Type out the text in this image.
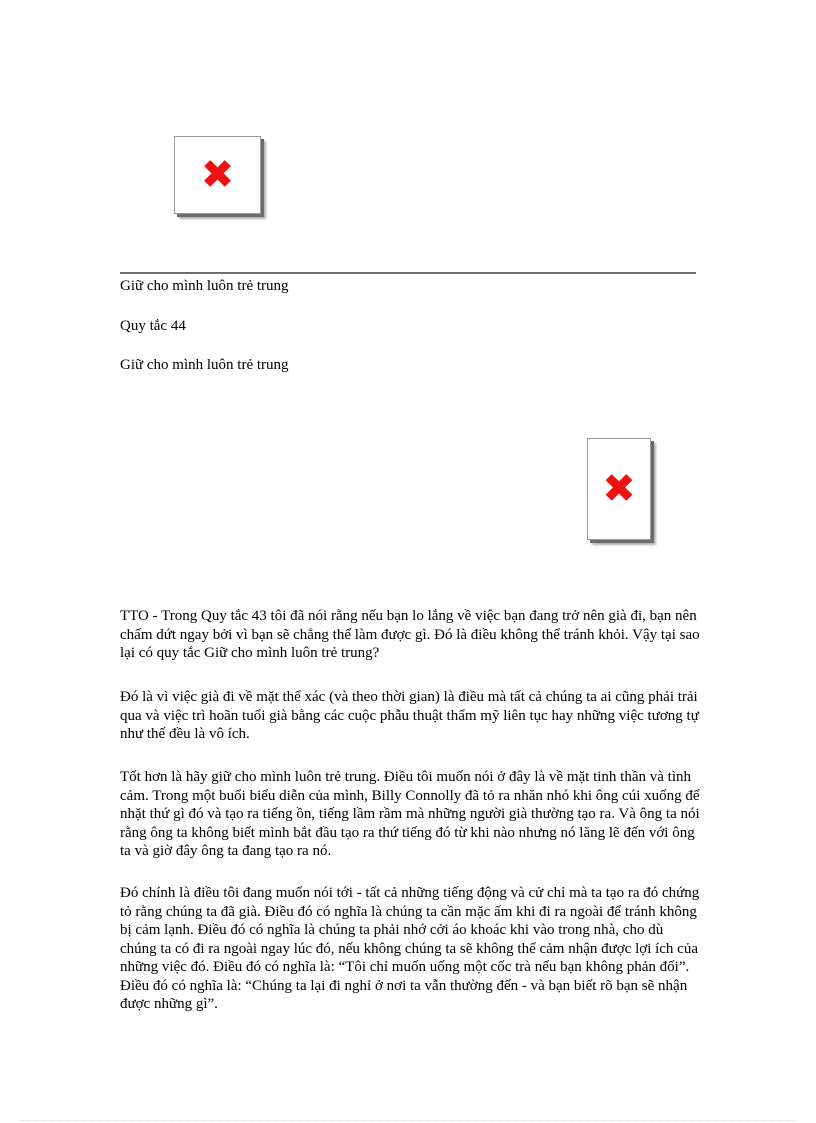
✖

Giữ cho mình luôn trẻ trung

Quy tắc 44

Giữ cho mình luôn trẻ trung

✖

TTO - Trong Quy tắc 43 tôi đã nói rằng nếu bạn lo lắng về việc bạn đang trở nên già đi, bạn nên chấm dứt ngay bởi vì bạn sẽ chẳng thể làm được gì. Đó là điều không thể tránh khỏi. Vậy tại sao lại có quy tắc Giữ cho mình luôn trẻ trung?

Đó là vì việc già đi về mặt thể xác (và theo thời gian) là điều mà tất cả chúng ta ai cũng phải trải qua và việc trì hoãn tuổi già bằng các cuộc phẫu thuật thẩm mỹ liên tục hay những việc tương tự như thế đều là vô ích.

Tốt hơn là hãy giữ cho mình luôn trẻ trung. Điều tôi muốn nói ở đây là về mặt tinh thần và tình cảm. Trong một buổi biểu diễn của mình, Billy Connolly đã tỏ ra nhăn nhó khi ông cúi xuống để nhặt thứ gì đó và tạo ra tiếng ồn, tiếng lầm rầm mà những người già thường tạo ra. Và ông ta nói rằng ông ta không biết mình bắt đầu tạo ra thứ tiếng đó từ khi nào nhưng nó lăng lẽ đến với ông ta và giờ đây ông ta đang tạo ra nó.

Đó chính là điều tôi đang muốn nói tới - tất cả những tiếng động và cử chỉ mà ta tạo ra đó chứng tỏ rằng chúng ta đã già. Điều đó có nghĩa là chúng ta cần mặc ấm khi đi ra ngoài để tránh không bị cảm lạnh. Điều đó có nghĩa là chúng ta phải nhớ cởi áo khoác khi vào trong nhà, cho dù chúng ta có đi ra ngoài ngay lúc đó, nếu không chúng ta sẽ không thể cảm nhận được lợi ích của những việc đó. Điều đó có nghĩa là: “Tôi chỉ muốn uống một cốc trà nếu bạn không phản đối”. Điều đó có nghĩa là: “Chúng ta lại đi nghỉ ở nơi ta vẫn thường đến - và bạn biết rõ bạn sẽ nhận được những gì”.
